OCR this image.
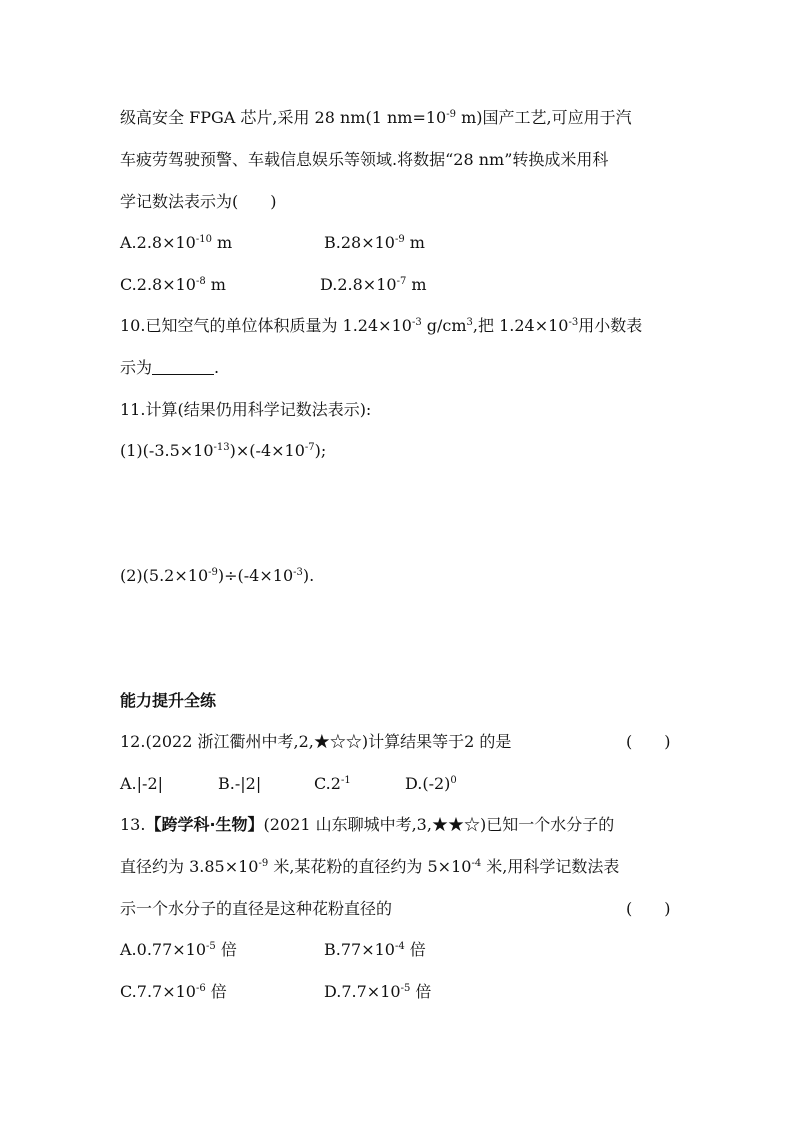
级高安全 FPGA 芯片,采用 28 nm(1 $nm=10^{-9}$ m)国产工艺,可应用于汽
车疲劳驾驶预警、车载信息娱乐等领域.将数据“28 nm”转换成米用科
学记数法表示为(　　)
$A.2.8\times 10^{-10}$ m	$B.28\times 10^{-9}$ m
$C.2.8\times 10^{-8}$ m	$D.2.8\times 10^{-7}$ m
10.已知空气的单位体积质量为 $1.24\times 10^{-3}$ $g/cm^3$,把 $1.24\times 10^{-3}$用小数表
示为	.
11.计算(结果仍用科学记数法表示):
$(1)(-3.5\times 10^{-13})\times(-4\times 10^{-7})$;
$(2)(5.2\times 10^{-9})\div(-4\times 10^{-3})$.
能力提升全练
12.(2022 浙江衢州中考,2,★☆☆)计算结果等于2 的是	(　　)
A.|-2|	B.-|2|	$C.2^{-1}$	$D.(-2)^0$
13.【跨学科·生物】(2021 山东聊城中考,3,★★☆)已知一个水分子的
直径约为 $3.85\times 10^{-9}$ 米,某花粉的直径约为 $5\times 10^{-4}$ 米,用科学记数法表
示一个水分子的直径是这种花粉直径的	(　　)
$A.0.77\times 10^{-5}$ 倍	$B.77\times 10^{-4}$ 倍
$C.7.7\times 10^{-6}$ 倍	$D.7.7\times 10^{-5}$ 倍
